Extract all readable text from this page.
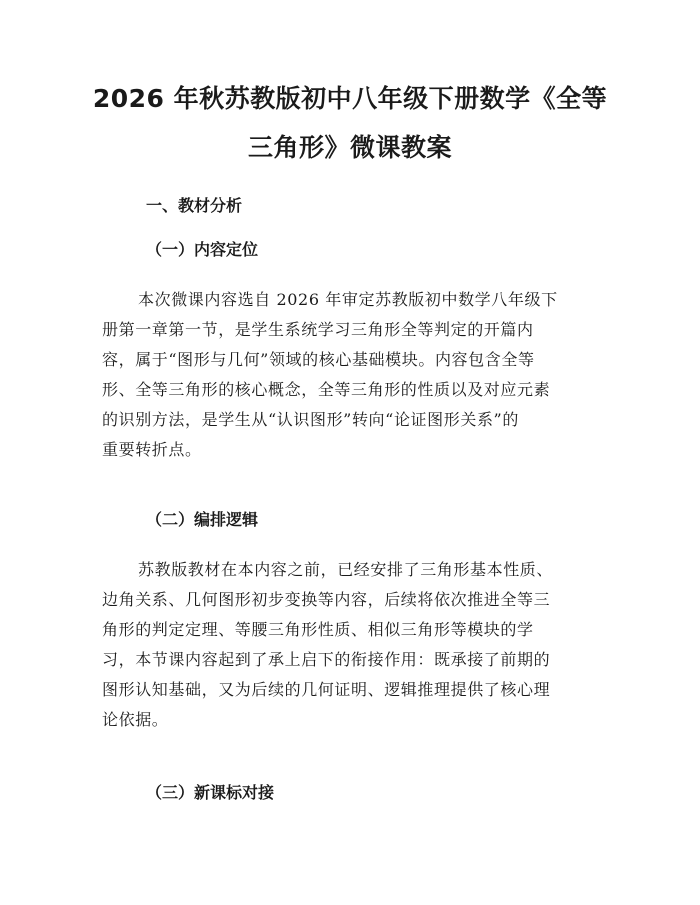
2026 年秋苏教版初中八年级下册数学《全等
三角形》微课教案
一、教材分析
（一）内容定位
本次微课内容选自 2026 年审定苏教版初中数学八年级下
册第一章第一节，是学生系统学习三角形全等判定的开篇内
容，属于“图形与几何”领域的核心基础模块。内容包含全等
形、全等三角形的核心概念，全等三角形的性质以及对应元素
的识别方法，是学生从“认识图形”转向“论证图形关系”的
重要转折点。
（二）编排逻辑
苏教版教材在本内容之前，已经安排了三角形基本性质、
边角关系、几何图形初步变换等内容，后续将依次推进全等三
角形的判定定理、等腰三角形性质、相似三角形等模块的学
习，本节课内容起到了承上启下的衔接作用：既承接了前期的
图形认知基础，又为后续的几何证明、逻辑推理提供了核心理
论依据。
（三）新课标对接
